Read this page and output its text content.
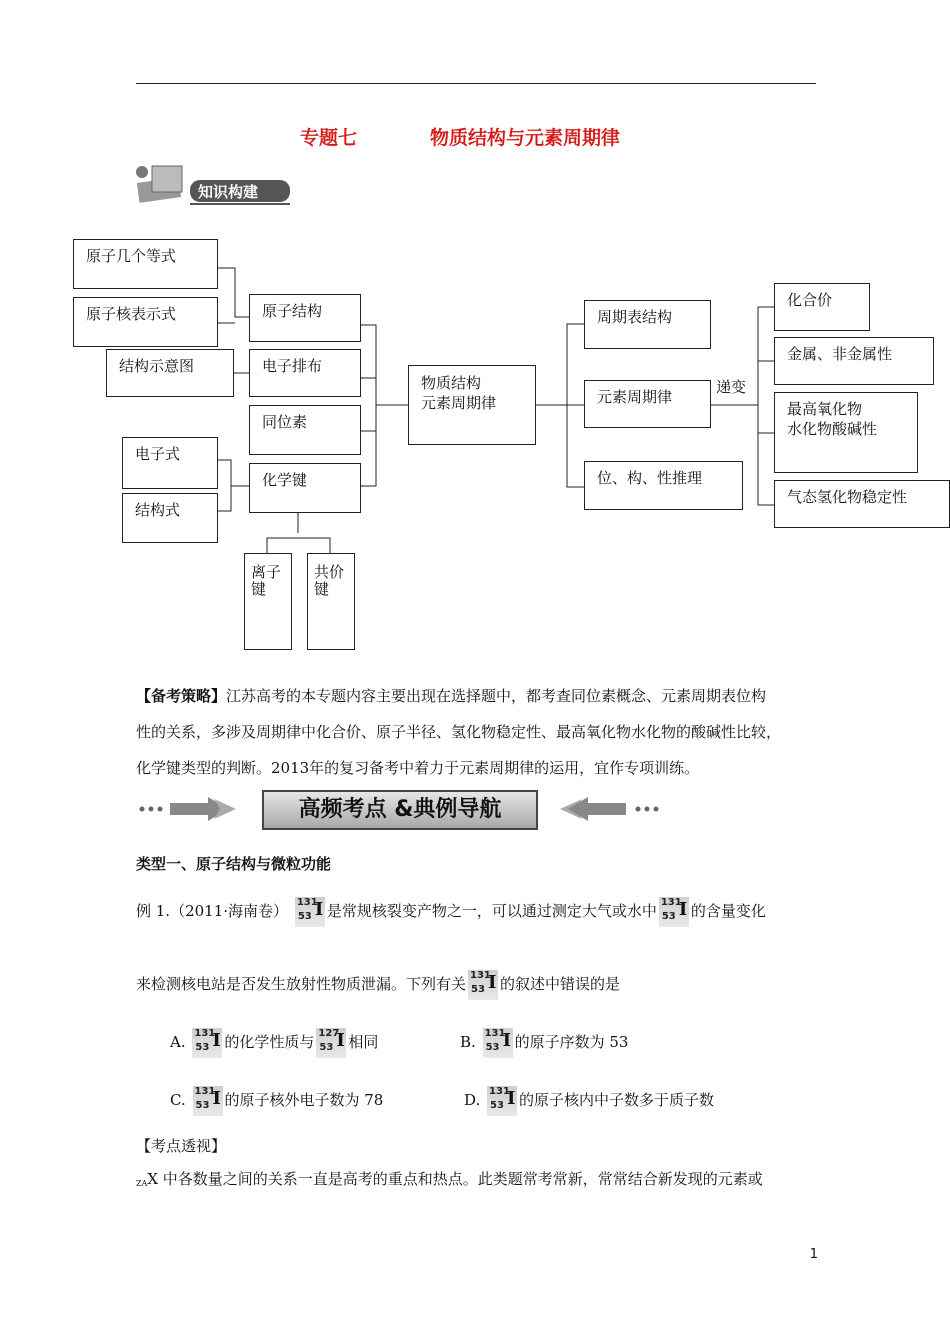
专题七	物质结构与元素周期律
知识构建
原子几个等式
原子核表示式
结构示意图
电子式
结构式
原子结构
电子排布
同位素
化学键
离子键
共价键
物质结构
元素周期律
周期表结构
元素周期律
位、构、性推理
递变
化合价
金属、非金属性
最高氧化物
水化物酸碱性
气态氢化物稳定性
【备考策略】江苏高考的本专题内容主要出现在选择题中，都考查同位素概念、元素周期表位构
性的关系，多涉及周期律中化合价、原子半径、氢化物稳定性、最高氧化物水化物的酸碱性比较，
化学键类型的判断。2013年的复习备考中着力于元素周期律的运用，宜作专项训练。
高频考点 &典例导航
类型一、原子结构与微粒功能
例 1.（2011·海南卷） 131
53 I 是常规核裂变产物之一，可以通过测定大气或水中 131
53 I 的含量变化
来检测核电站是否发生放射性物质泄漏。下列有关 131
53 I 的叙述中错误的是
A. 131
53 I 的化学性质与 127
53 I 相同	B. 131
53 I 的原子序数为 53
C. 131
53 I 的原子核外电子数为 78	D. 131
53 I 的原子核内中子数多于质子数
【考点透视】
ZAX 中各数量之间的关系一直是高考的重点和热点。此类题常考常新，常常结合新发现的元素或
1
